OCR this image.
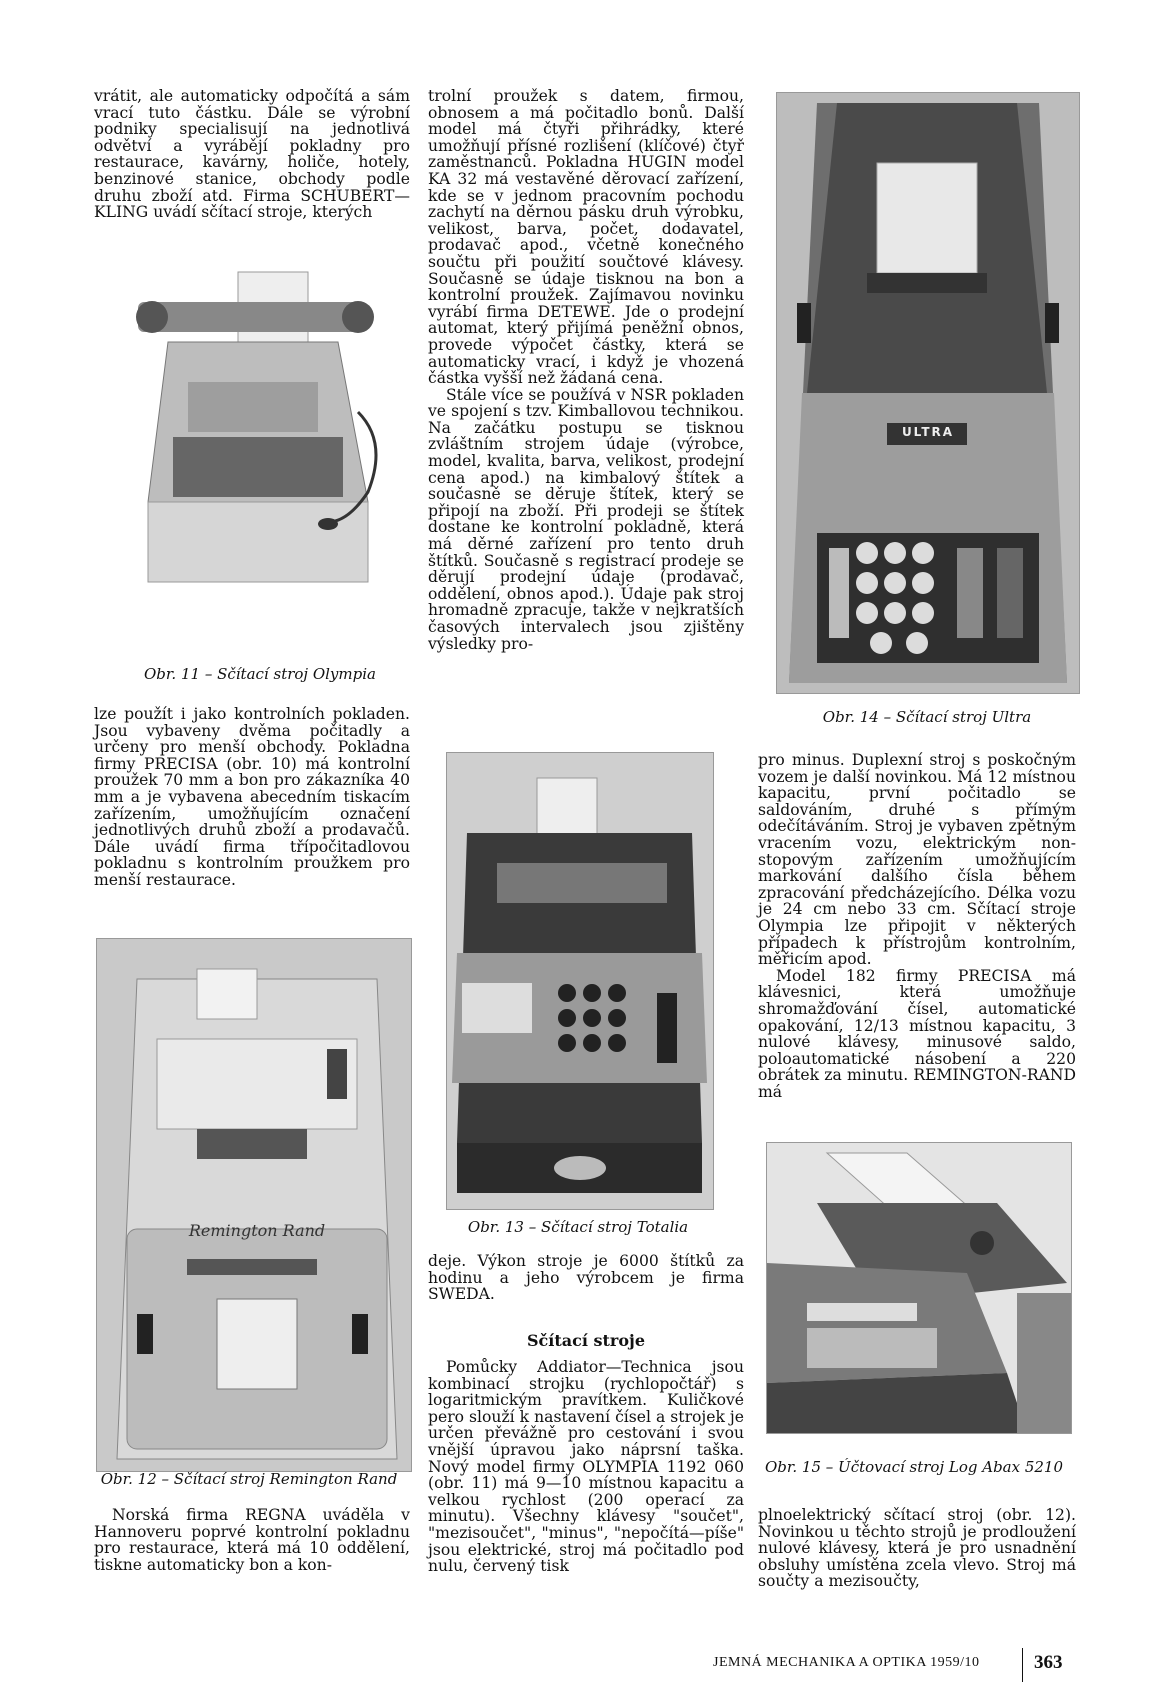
vrátit, ale automaticky odpočítá a sám vrací tuto částku. Dále se výrobní podniky specialisují na jednotlivá odvětví a vyrábějí pokladny pro restaurace, kavárny, holiče, hotely, benzinové stanice, obchody podle druhu zboží atd. Firma SCHUBERT—KLING uvádí sčítací stroje, kterých

Obr. 11 – Sčítací stroj Olympia

lze použít i jako kontrolních pokladen. Jsou vybaveny dvěma počitadly a určeny pro menší obchody. Pokladna firmy PRECISA (obr. 10) má kontrolní proužek 70 mm a bon pro zákazníka 40 mm a je vybavena abecedním tiskacím zařízením, umožňujícím označení jednotlivých druhů zboží a prodavačů. Dále uvádí firma třípočitadlovou pokladnu s kontrolním proužkem pro menší restaurace.

Remington Rand
Obr. 12 – Sčítací stroj Remington Rand

Norská firma REGNA uváděla v Hannoveru poprvé kontrolní pokladnu pro restaurace, která má 10 oddělení, tiskne automaticky bon a kon-

trolní proužek s datem, firmou, obnosem a má počitadlo bonů. Další model má čtyři přihrádky, které umožňují přísné rozlišení (klíčové) čtyř zaměstnanců. Pokladna HUGIN model KA 32 má vestavěné děrovací zařízení, kde se v jednom pracovním pochodu zachytí na děrnou pásku druh výrobku, velikost, barva, počet, dodavatel, prodavač apod., včetně konečného součtu při použití součtové klávesy. Současně se údaje tisknou na bon a kontrolní proužek. Zajímavou novinku vyrábí firma DETEWE. Jde o prodejní automat, který přijímá peněžní obnos, provede výpočet částky, která se automaticky vrací, i když je vhozená částka vyšší než žádaná cena.

Stále více se používá v NSR pokladen ve spojení s tzv. Kimballovou technikou. Na začátku postupu se tisknou zvláštním strojem údaje (výrobce, model, kvalita, barva, velikost, prodejní cena apod.) na kimbalový štítek a současně se děruje štítek, který se připojí na zboží. Při prodeji se štítek dostane ke kontrolní pokladně, která má děrné zařízení pro tento druh štítků. Současně s registrací prodeje se děrují prodejní údaje (prodavač, oddělení, obnos apod.). Údaje pak stroj hromadně zpracuje, takže v nejkratších časových intervalech jsou zjištěny výsledky pro-

Obr. 13 – Sčítací stroj Totalia

deje. Výkon stroje je 6000 štítků za hodinu a jeho výrobcem je firma SWEDA.

Sčítací stroje

Pomůcky Addiator—Technica jsou kombinací strojku (rychlopočtář) s logaritmickým pravítkem. Kuličkové pero slouží k nastavení čísel a strojek je určen převážně pro cestování i svou vnější úpravou jako náprsní taška. Nový model firmy OLYMPIA 1192 060 (obr. 11) má 9—10 místnou kapacitu a velkou rychlost (200 operací za minutu). Všechny klávesy "součet", "mezisoučet", "minus", "nepočítá—píše" jsou elektrické, stroj má počitadlo pod nulu, červený tisk

ULTRA
Obr. 14 – Sčítací stroj Ultra

pro minus. Duplexní stroj s poskočným vozem je další novinkou. Má 12 místnou kapacitu, první počitadlo se saldováním, druhé s přímým odečítáváním. Stroj je vybaven zpětným vracením vozu, elektrickým non-stopovým zařízením umožňujícím markování dalšího čísla během zpracování předcházejícího. Délka vozu je 24 cm nebo 33 cm. Sčítací stroje Olympia lze připojit v některých případech k přístrojům kontrolním, měřicím apod.

Model 182 firmy PRECISA má klávesnici, která umožňuje shromažďování čísel, automatické opakování, 12/13 místnou kapacitu, 3 nulové klávesy, minusové saldo, poloautomatické násobení a 220 obrátek za minutu. REMINGTON-RAND má

Obr. 15 – Účtovací stroj Log Abax 5210

plnoelektrický sčítací stroj (obr. 12). Novinkou u těchto strojů je prodloužení nulové klávesy, která je pro usnadnění obsluhy umístěna zcela vlevo. Stroj má součty a mezisoučty,

JEMNÁ MECHANIKA A OPTIKA 1959/10	363
